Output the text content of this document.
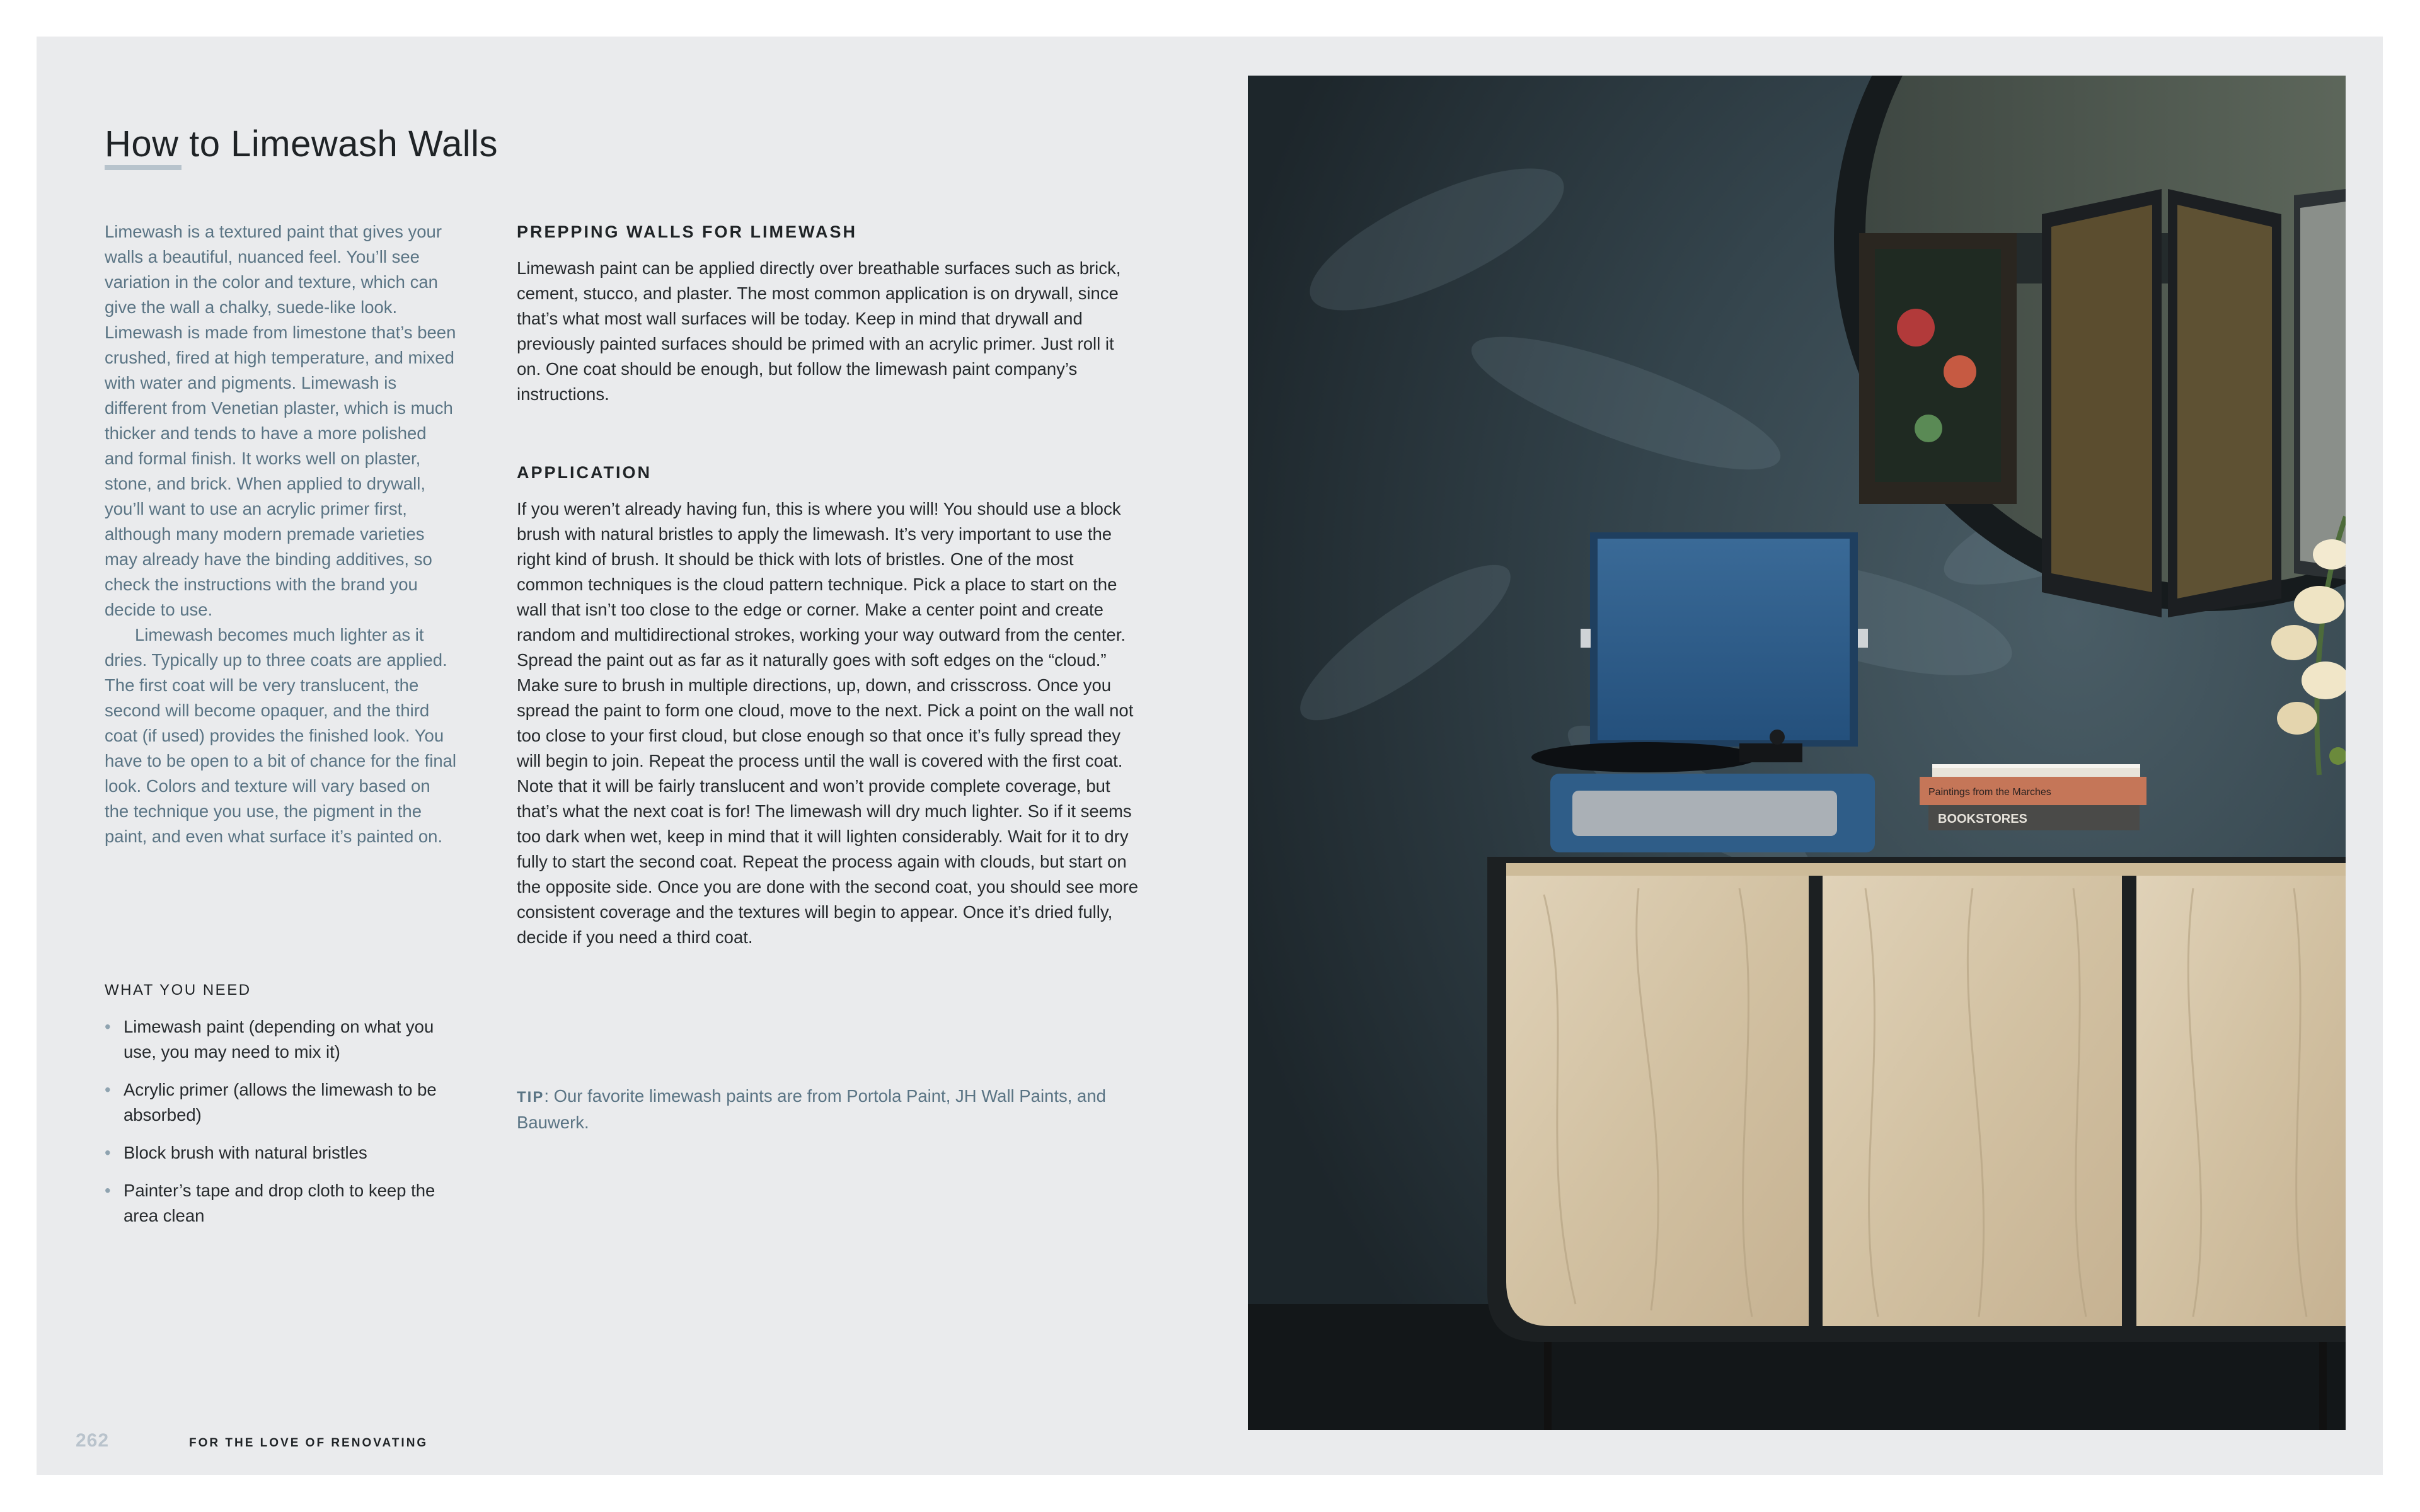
How to Limewash Walls

Limewash is a textured paint that gives your walls a beautiful, nuanced feel. You’ll see variation in the color and texture, which can give the wall a chalky, suede-like look. Limewash is made from limestone that’s been crushed, fired at high temperature, and mixed with water and pigments. Limewash is different from Venetian plaster, which is much thicker and tends to have a more polished and formal finish. It works well on plaster, stone, and brick. When applied to drywall, you’ll want to use an acrylic primer first, although many modern premade varieties may already have the binding additives, so check the instructions with the brand you decide to use.

Limewash becomes much lighter as it dries. Typically up to three coats are applied. The first coat will be very translucent, the second will become opaquer, and the third coat (if used) provides the finished look. You have to be open to a bit of chance for the final look. Colors and texture will vary based on the technique you use, the pigment in the paint, and even what surface it’s painted on.

WHAT YOU NEED
• Limewash paint (depending on what you use, you may need to mix it)
• Acrylic primer (allows the limewash to be absorbed)
• Block brush with natural bristles
• Painter’s tape and drop cloth to keep the area clean
PREPPING WALLS FOR LIMEWASH

Limewash paint can be applied directly over breathable surfaces such as brick, cement, stucco, and plaster. The most common application is on drywall, since that’s what most wall surfaces will be today. Keep in mind that drywall and previously painted surfaces should be primed with an acrylic primer. Just roll it on. One coat should be enough, but follow the limewash paint company’s instructions.

APPLICATION

If you weren’t already having fun, this is where you will! You should use a block brush with natural bristles to apply the limewash. It’s very important to use the right kind of brush. It should be thick with lots of bristles. One of the most common techniques is the cloud pattern technique. Pick a place to start on the wall that isn’t too close to the edge or corner. Make a center point and create random and multidirectional strokes, working your way outward from the center. Spread the paint out as far as it naturally goes with soft edges on the “cloud.” Make sure to brush in multiple directions, up, down, and crisscross. Once you spread the paint to form one cloud, move to the next. Pick a point on the wall not too close to your first cloud, but close enough so that once it’s fully spread they will begin to join. Repeat the process until the wall is covered with the first coat. Note that it will be fairly translucent and won’t provide complete coverage, but that’s what the next coat is for! The limewash will dry much lighter. So if it seems too dark when wet, keep in mind that it will lighten considerably. Wait for it to dry fully to start the second coat. Repeat the process again with clouds, but start on the opposite side. Once you are done with the second coat, you should see more consistent coverage and the textures will begin to appear. Once it’s dried fully, decide if you need a third coat.

TIP: Our favorite limewash paints are from Portola Paint, JH Wall Paints, and Bauwerk.
262	FOR THE LOVE OF RENOVATING
BOOKSTORES
Paintings from the Marches
